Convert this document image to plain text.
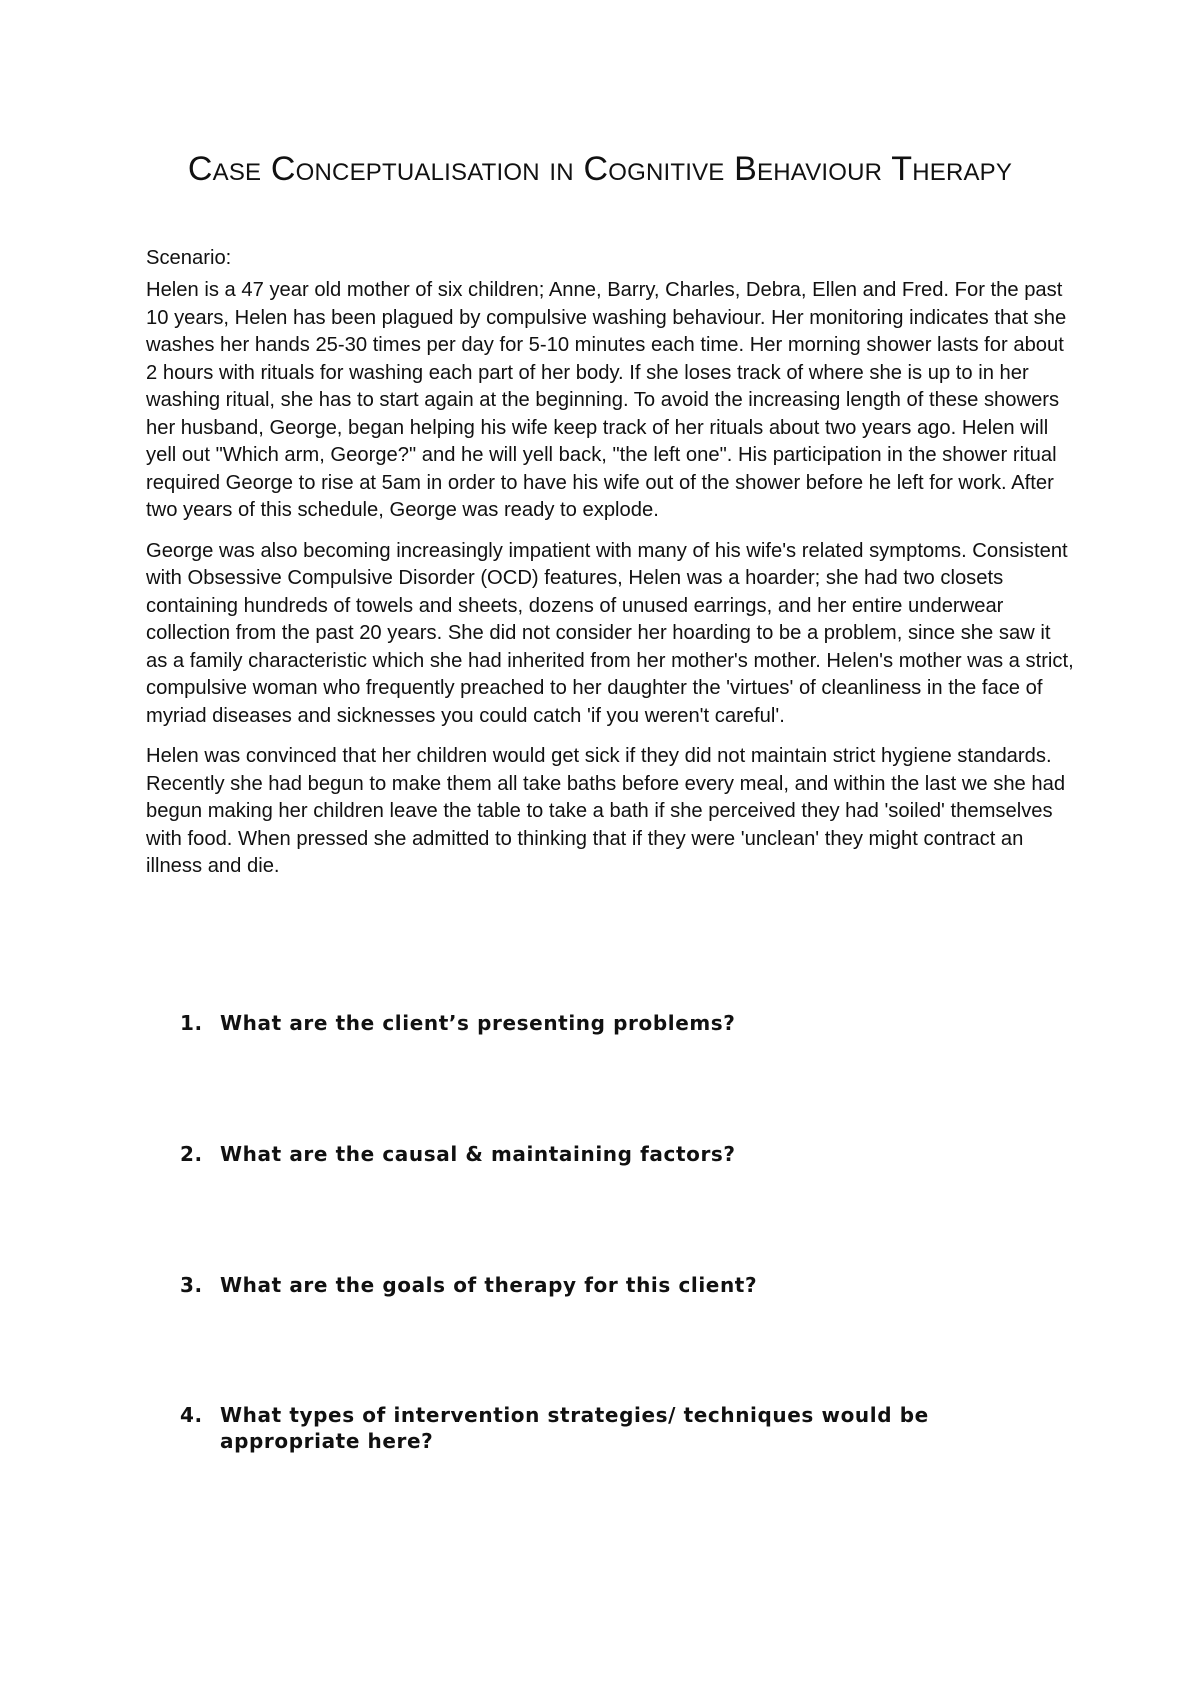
Case Conceptualisation in Cognitive Behaviour Therapy
Scenario:

Helen is a 47 year old mother of six children; Anne, Barry, Charles, Debra, Ellen and Fred. For the past 10 years, Helen has been plagued by compulsive washing behaviour. Her monitoring indicates that she washes her hands 25-30 times per day for 5-10 minutes each time. Her morning shower lasts for about 2 hours with rituals for washing each part of her body. If she loses track of where she is up to in her washing ritual, she has to start again at the beginning. To avoid the increasing length of these showers her husband, George, began helping his wife keep track of her rituals about two years ago. Helen will yell out "Which arm, George?" and he will yell back, "the left one". His participation in the shower ritual required George to rise at 5am in order to have his wife out of the shower before he left for work. After two years of this schedule, George was ready to explode.

George was also becoming increasingly impatient with many of his wife's related symptoms. Consistent with Obsessive Compulsive Disorder (OCD) features, Helen was a hoarder; she had two closets containing hundreds of towels and sheets, dozens of unused earrings, and her entire underwear collection from the past 20 years. She did not consider her hoarding to be a problem, since she saw it as a family characteristic which she had inherited from her mother's mother. Helen's mother was a strict, compulsive woman who frequently preached to her daughter the 'virtues' of cleanliness in the face of myriad diseases and sicknesses you could catch 'if you weren't careful'.

Helen was convinced that her children would get sick if they did not maintain strict hygiene standards. Recently she had begun to make them all take baths before every meal, and within the last we she had begun making her children leave the table to take a bath if she perceived they had 'soiled' themselves with food. When pressed she admitted to thinking that if they were 'unclean' they might contract an illness and die.

1. What are the client’s presenting problems?
2. What are the causal & maintaining factors?
3. What are the goals of therapy for this client?
4. What types of intervention strategies/ techniques would be appropriate here?
